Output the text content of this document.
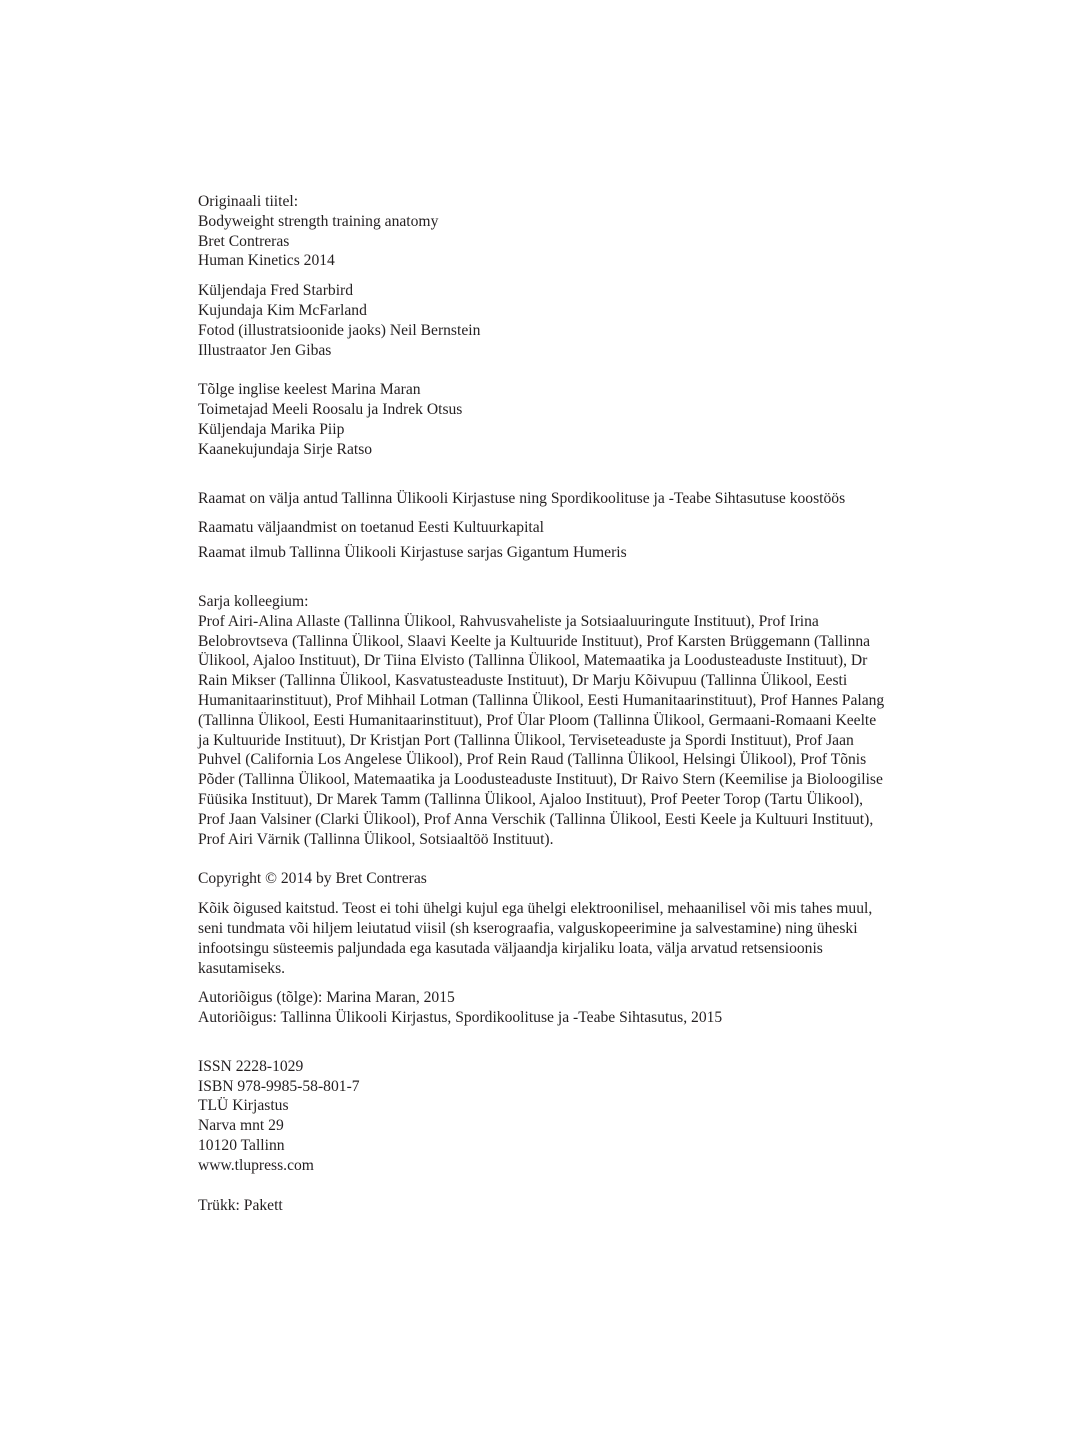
Originaali tiitel:
Bodyweight strength training anatomy
Bret Contreras
Human Kinetics 2014
Küljendaja Fred Starbird
Kujundaja Kim McFarland
Fotod (illustratsioonide jaoks) Neil Bernstein
Illustraator Jen Gibas
Tõlge inglise keelest Marina Maran
Toimetajad Meeli Roosalu ja Indrek Otsus
Küljendaja Marika Piip
Kaanekujundaja Sirje Ratso

Raamat on välja antud Tallinna Ülikooli Kirjastuse ning Spordikoolituse ja -Teabe Sihtasutuse koostöös

Raamatu väljaandmist on toetanud Eesti Kultuurkapital

Raamat ilmub Tallinna Ülikooli Kirjastuse sarjas Gigantum Humeris

Sarja kolleegium:

Prof Airi-Alina Allaste (Tallinna Ülikool, Rahvusvaheliste ja Sotsiaaluuringute Instituut), Prof Irina Belobrovtseva (Tallinna Ülikool, Slaavi Keelte ja Kultuuride Instituut), Prof Karsten Brüggemann (Tallinna Ülikool, Ajaloo Instituut), Dr Tiina Elvisto (Tallinna Ülikool, Matemaatika ja Loodusteaduste Instituut), Dr Rain Mikser (Tallinna Ülikool, Kasvatusteaduste Instituut), Dr Marju Kõivupuu (Tallinna Ülikool, Eesti Humanitaarinstituut), Prof Mihhail Lotman (Tallinna Ülikool, Eesti Humanitaarinstituut), Prof Hannes Palang (Tallinna Ülikool, Eesti Humanitaarinstituut), Prof Ülar Ploom (Tallinna Ülikool, Germaani-Romaani Keelte ja Kultuuride Instituut), Dr Kristjan Port (Tallinna Ülikool, Terviseteaduste ja Spordi Instituut), Prof Jaan Puhvel (California Los Angelese Ülikool), Prof Rein Raud (Tallinna Ülikool, Helsingi Ülikool), Prof Tõnis Põder (Tallinna Ülikool, Matemaatika ja Loodusteaduste Instituut), Dr Raivo Stern (Keemilise ja Bioloogilise Füüsika Instituut), Dr Marek Tamm (Tallinna Ülikool, Ajaloo Instituut), Prof Peeter Torop (Tartu Ülikool), Prof Jaan Valsiner (Clarki Ülikool), Prof Anna Verschik (Tallinna Ülikool, Eesti Keele ja Kultuuri Instituut), Prof Airi Värnik (Tallinna Ülikool, Sotsiaaltöö Instituut).

Copyright © 2014 by Bret Contreras

Kõik õigused kaitstud. Teost ei tohi ühelgi kujul ega ühelgi elektroonilisel, mehaanilisel või mis tahes muul, seni tundmata või hiljem leiutatud viisil (sh kserograafia, valguskopeerimine ja salvestamine) ning üheski infootsingu süsteemis paljundada ega kasutada väljaandja kirjaliku loata, välja arvatud retsensioonis kasutamiseks.

Autoriõigus (tõlge): Marina Maran, 2015
Autoriõigus: Tallinna Ülikooli Kirjastus, Spordikoolituse ja -Teabe Sihtasutus, 2015
ISSN 2228-1029
ISBN 978-9985-58-801-7
TLÜ Kirjastus
Narva mnt 29
10120 Tallinn
www.tlupress.com
Trükk: Pakett
